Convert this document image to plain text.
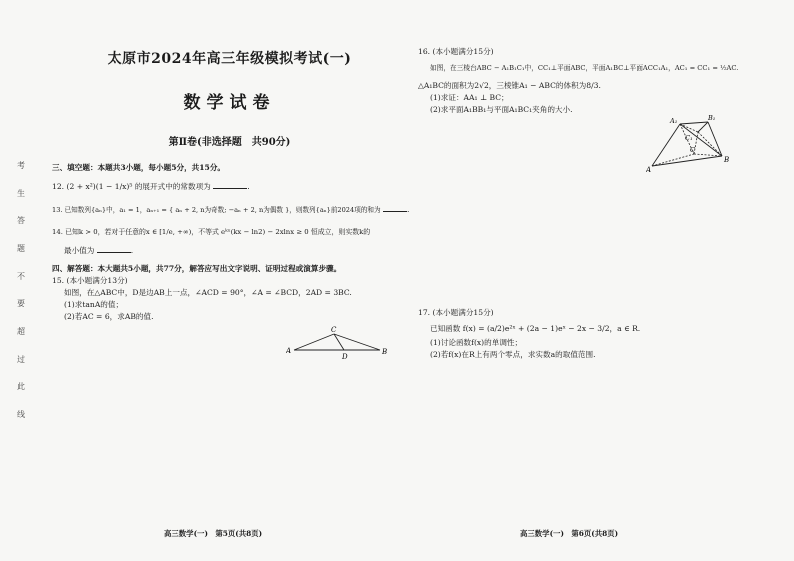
考
生
答
题
不
要
超
过
此
线
太原市2024年高三年级模拟考试(一)
数学试卷
第Ⅱ卷(非选择题　共90分)
三、填空题：本题共3小题，每小题5分，共15分。
12. (2 + x²)(1 − 1/x)⁵ 的展开式中的常数项为	.
13. 已知数列{aₙ}中，a₁ = 1，aₙ₊₁ = { aₙ + 2, n为奇数; −aₙ + 2, n为偶数 }，则数列{aₙ}前2024项的和为	.
14. 已知k > 0，若对于任意的x ∈ [1/e, +∞)，不等式 eᵏˣ(kx − ln2) − 2xlnx ≥ 0 恒成立，则实数k的
最小值为	.
四、解答题：本大题共5小题，共77分，解答应写出文字说明、证明过程或演算步骤。
15. (本小题满分13分)
如图，在△ABC中，D是边AB上一点，∠ACD = 90°，∠A = ∠BCD，2AD = 3BC.
(1)求tanA的值；
(2)若AC = 6，求AB的值.
A	B
C
D
16. (本小题满分15分)
如图，在三棱台ABC − A₁B₁C₁中，CC₁⊥平面ABC，平面A₁BC⊥平面ACC₁A₁，AC₁ = CC₁ = ½AC.
△A₁BC的面积为2√2，三棱锥A₁ − ABC的体积为8/3.
(1)求证：AA₁ ⊥ BC；
(2)求平面A₁BB₁与平面A₁BC₁夹角的大小.
A₁	B₁
C₁
A
B
C
17. (本小题满分15分)
已知函数 f(x) = (a/2)e²ˣ + (2a − 1)eˣ − 2x − 3/2，a ∈ R.
(1)讨论函数f(x)的单调性；
(2)若f(x)在R上有两个零点，求实数a的取值范围.
高三数学(一)　第5页(共8页)	高三数学(一)　第6页(共8页)
